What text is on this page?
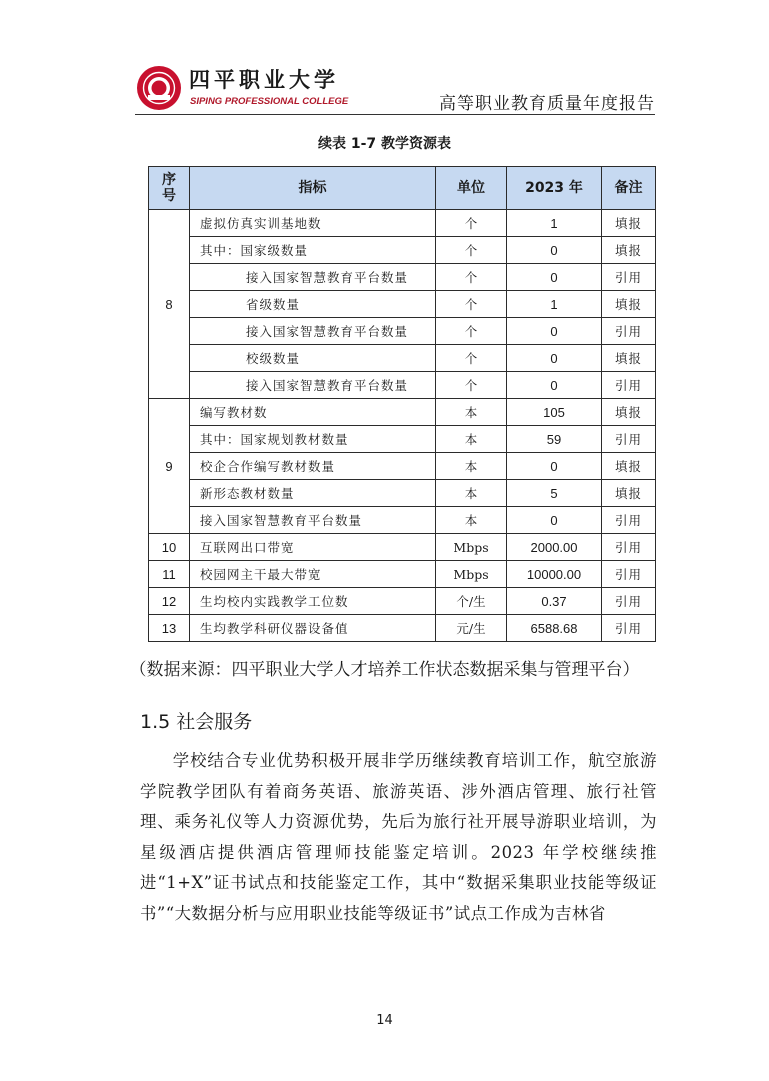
四平职业大学
SIPING PROFESSIONAL COLLEGE	高等职业教育质量年度报告
续表 1-7 教学资源表
序
号	指标	单位	2023 年	备注
8	虚拟仿真实训基地数	个	1	填报
	其中：国家级数量	个	0	填报
	接入国家智慧教育平台数量	个	0	引用
	省级数量	个	1	填报
	接入国家智慧教育平台数量	个	0	引用
	校级数量	个	0	填报
	接入国家智慧教育平台数量	个	0	引用
9	编写教材数	本	105	填报
	其中：国家规划教材数量	本	59	引用
	校企合作编写教材数量	本	0	填报
	新形态教材数量	本	5	填报
	接入国家智慧教育平台数量	本	0	引用
10	互联网出口带宽	Mbps	2000.00	引用
11	校园网主干最大带宽	Mbps	10000.00	引用
12	生均校内实践教学工位数	个/生	0.37	引用
13	生均教学科研仪器设备值	元/生	6588.68	引用
（数据来源：四平职业大学人才培养工作状态数据采集与管理平台）
1.5 社会服务

学校结合专业优势积极开展非学历继续教育培训工作，航空旅游学院教学团队有着商务英语、旅游英语、涉外酒店管理、旅行社管理、乘务礼仪等人力资源优势，先后为旅行社开展导游职业培训，为星级酒店提供酒店管理师技能鉴定培训。2023 年学校继续推进“1+X”证书试点和技能鉴定工作，其中“数据采集职业技能等级证书”“大数据分析与应用职业技能等级证书”试点工作成为吉林省

14
